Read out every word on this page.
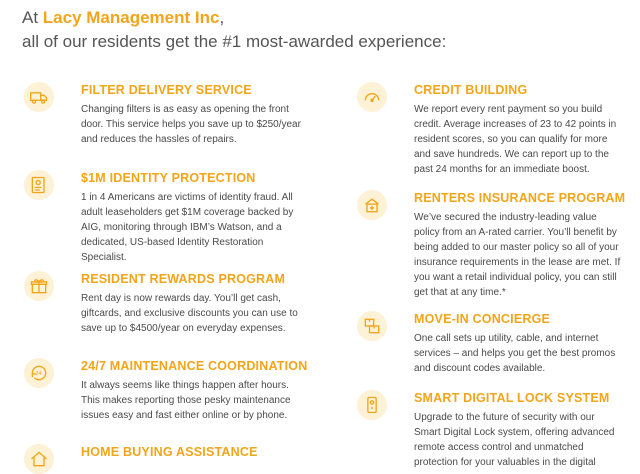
At Lacy Management Inc,

all of our residents get the #1 most-awarded experience:

FILTER DELIVERY SERVICE

Changing filters is as easy as opening the front door. This service helps you save up to $250/year and reduces the hassles of repairs.

$1M IDENTITY PROTECTION

1 in 4 Americans are victims of identity fraud. All adult leaseholders get $1M coverage backed by AIG, monitoring through IBM’s Watson, and a dedicated, US-based Identity Restoration Specialist.

RESIDENT REWARDS PROGRAM

Rent day is now rewards day. You’ll get cash, giftcards, and exclusive discounts you can use to save up to $4500/year on everyday expenses.

24
24/7 MAINTENANCE COORDINATION

It always seems like things happen after hours. This makes reporting those pesky maintenance issues easy and fast either online or by phone.

HOME BUYING ASSISTANCE
CREDIT BUILDING

We report every rent payment so you build credit. Average increases of 23 to 42 points in resident scores, so you can qualify for more and save hundreds. We can report up to the past 24 months for an immediate boost.

RENTERS INSURANCE PROGRAM

We’ve secured the industry-leading value policy from an A-rated carrier. You’ll benefit by being added to our master policy so all of your insurance requirements in the lease are met. If you want a retail individual policy, you can still get that at any time.*

MOVE-IN CONCIERGE

One call sets up utility, cable, and internet services – and helps you get the best promos and discount codes available.

SMART DIGITAL LOCK SYSTEM

Upgrade to the future of security with our Smart Digital Lock system, offering advanced remote access control and unmatched protection for your valuables in the digital
